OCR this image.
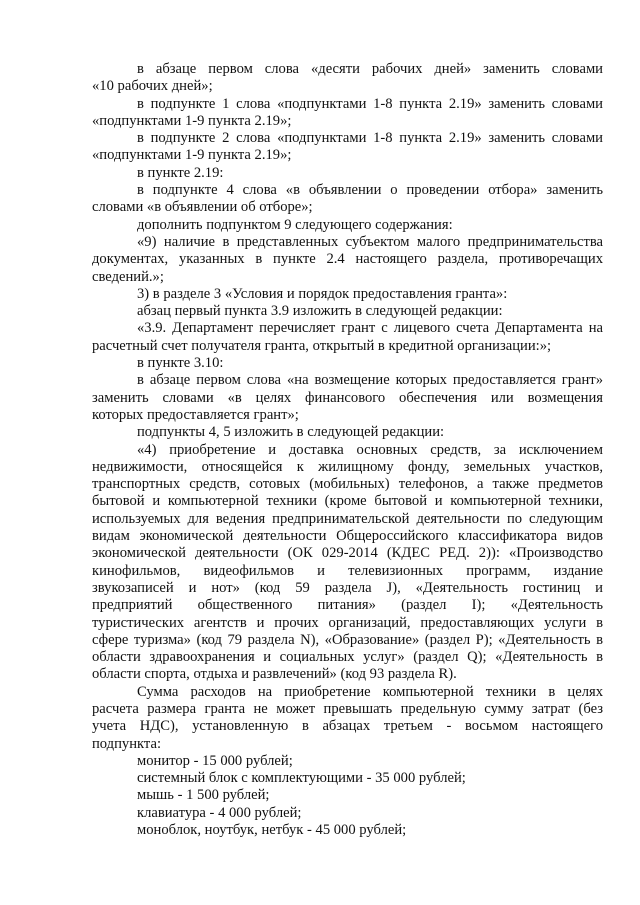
в абзаце первом слова «десяти рабочих дней» заменить словами
«10 рабочих дней»;
в подпункте 1 слова «подпунктами 1-8 пункта 2.19» заменить словами
«подпунктами 1-9 пункта 2.19»;
в подпункте 2 слова «подпунктами 1-8 пункта 2.19» заменить словами
«подпунктами 1-9 пункта 2.19»;
в пункте 2.19:
в подпункте 4 слова «в объявлении о проведении отбора» заменить
словами «в объявлении об отборе»;
дополнить подпунктом 9 следующего содержания:
«9) наличие в представленных субъектом малого предпринимательства
документах, указанных в пункте 2.4 настоящего раздела, противоречащих
сведений.»;
3) в разделе 3 «Условия и порядок предоставления гранта»:
абзац первый пункта 3.9 изложить в следующей редакции:
«3.9. Департамент перечисляет грант с лицевого счета Департамента на
расчетный счет получателя гранта, открытый в кредитной организации:»;
в пункте 3.10:
в абзаце первом слова «на возмещение которых предоставляется грант»
заменить словами «в целях финансового обеспечения или возмещения
которых предоставляется грант»;
подпункты 4, 5 изложить в следующей редакции:
«4) приобретение и доставка основных средств, за исключением
недвижимости, относящейся к жилищному фонду, земельных участков,
транспортных средств, сотовых (мобильных) телефонов, а также предметов
бытовой и компьютерной техники (кроме бытовой и компьютерной техники,
используемых для ведения предпринимательской деятельности по следующим
видам экономической деятельности Общероссийского классификатора видов
экономической деятельности (ОК 029-2014 (КДЕС РЕД. 2)): «Производство
кинофильмов, видеофильмов и телевизионных программ, издание
звукозаписей и нот» (код 59 раздела J), «Деятельность гостиниц и
предприятий общественного питания» (раздел I); «Деятельность
туристических агентств и прочих организаций, предоставляющих услуги в
сфере туризма» (код 79 раздела N), «Образование» (раздел P); «Деятельность в
области здравоохранения и социальных услуг» (раздел Q); «Деятельность в
области спорта, отдыха и развлечений» (код 93 раздела R).
Сумма расходов на приобретение компьютерной техники в целях
расчета размера гранта не может превышать предельную сумму затрат (без
учета НДС), установленную в абзацах третьем - восьмом настоящего
подпункта:
монитор - 15 000 рублей;
системный блок с комплектующими - 35 000 рублей;
мышь - 1 500 рублей;
клавиатура - 4 000 рублей;
моноблок, ноутбук, нетбук - 45 000 рублей;
